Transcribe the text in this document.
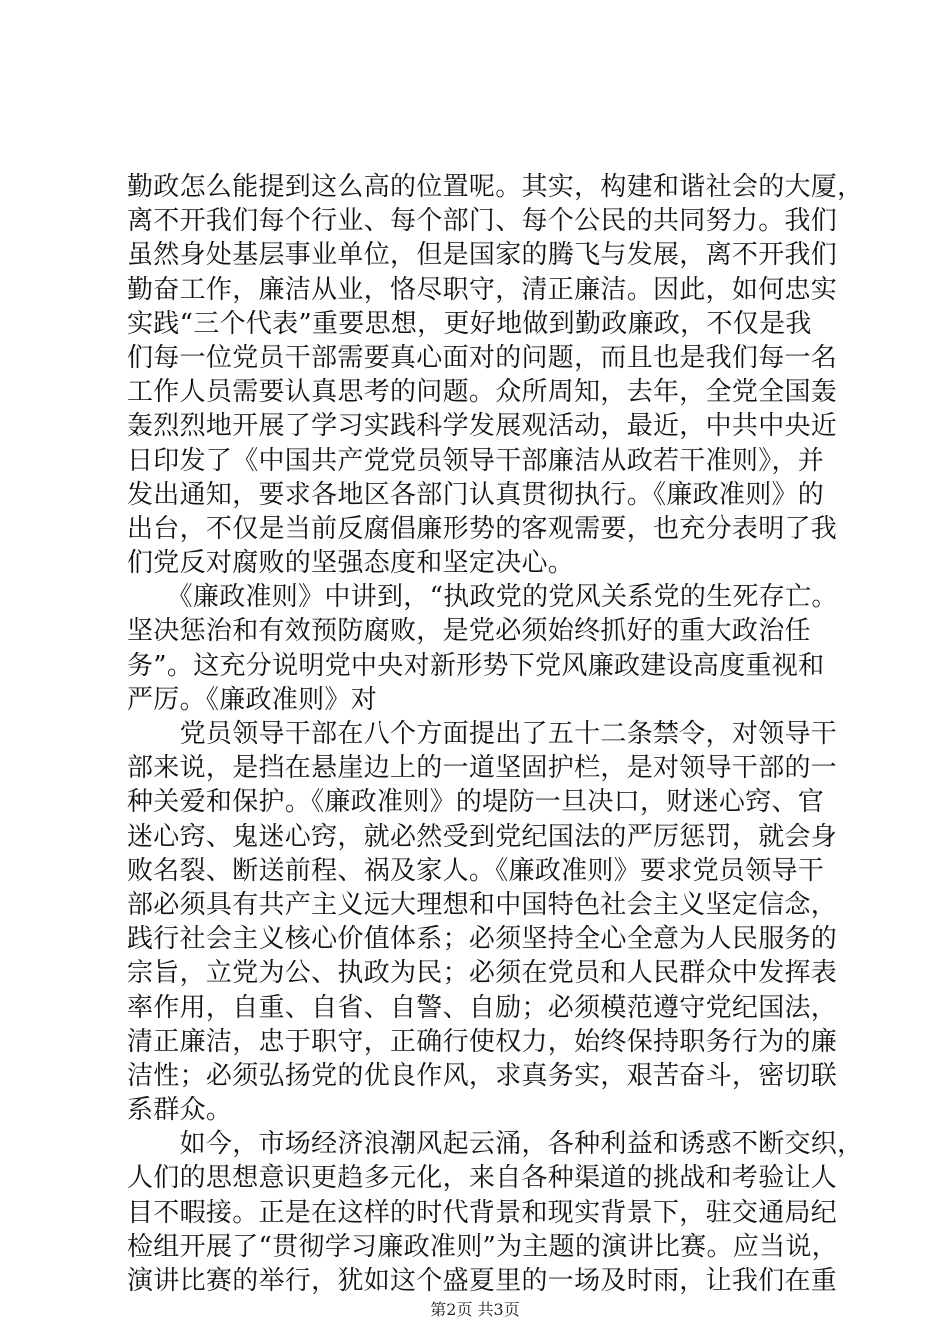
勤政怎么能提到这么高的位置呢。其实，构建和谐社会的大厦，
离不开我们每个行业、每个部门、每个公民的共同努力。我们
虽然身处基层事业单位，但是国家的腾飞与发展，离不开我们
勤奋工作，廉洁从业，恪尽职守，清正廉洁。因此，如何忠实
实践“三个代表”重要思想，更好地做到勤政廉政，不仅是我
们每一位党员干部需要真心面对的问题，而且也是我们每一名
工作人员需要认真思考的问题。众所周知，去年，全党全国轰
轰烈烈地开展了学习实践科学发展观活动，最近，中共中央近
日印发了《中国共产党党员领导干部廉洁从政若干准则》，并
发出通知，要求各地区各部门认真贯彻执行。《廉政准则》的
出台，不仅是当前反腐倡廉形势的客观需要，也充分表明了我
们党反对腐败的坚强态度和坚定决心。
　　《廉政准则》中讲到，“执政党的党风关系党的生死存亡。
坚决惩治和有效预防腐败，是党必须始终抓好的重大政治任
务”。这充分说明党中央对新形势下党风廉政建设高度重视和
严厉。《廉政准则》对
　　党员领导干部在八个方面提出了五十二条禁令，对领导干
部来说，是挡在悬崖边上的一道坚固护栏，是对领导干部的一
种关爱和保护。《廉政准则》的堤防一旦决口，财迷心窍、官
迷心窍、鬼迷心窍，就必然受到党纪国法的严厉惩罚，就会身
败名裂、断送前程、祸及家人。《廉政准则》要求党员领导干
部必须具有共产主义远大理想和中国特色社会主义坚定信念，
践行社会主义核心价值体系；必须坚持全心全意为人民服务的
宗旨，立党为公、执政为民；必须在党员和人民群众中发挥表
率作用，自重、自省、自警、自励；必须模范遵守党纪国法，
清正廉洁，忠于职守，正确行使权力，始终保持职务行为的廉
洁性；必须弘扬党的优良作风，求真务实，艰苦奋斗，密切联
系群众。
　　如今，市场经济浪潮风起云涌，各种利益和诱惑不断交织，
人们的思想意识更趋多元化，来自各种渠道的挑战和考验让人
目不暇接。正是在这样的时代背景和现实背景下，驻交通局纪
检组开展了“贯彻学习廉政准则”为主题的演讲比赛。应当说，
演讲比赛的举行，犹如这个盛夏里的一场及时雨，让我们在重
第2页 共3页
